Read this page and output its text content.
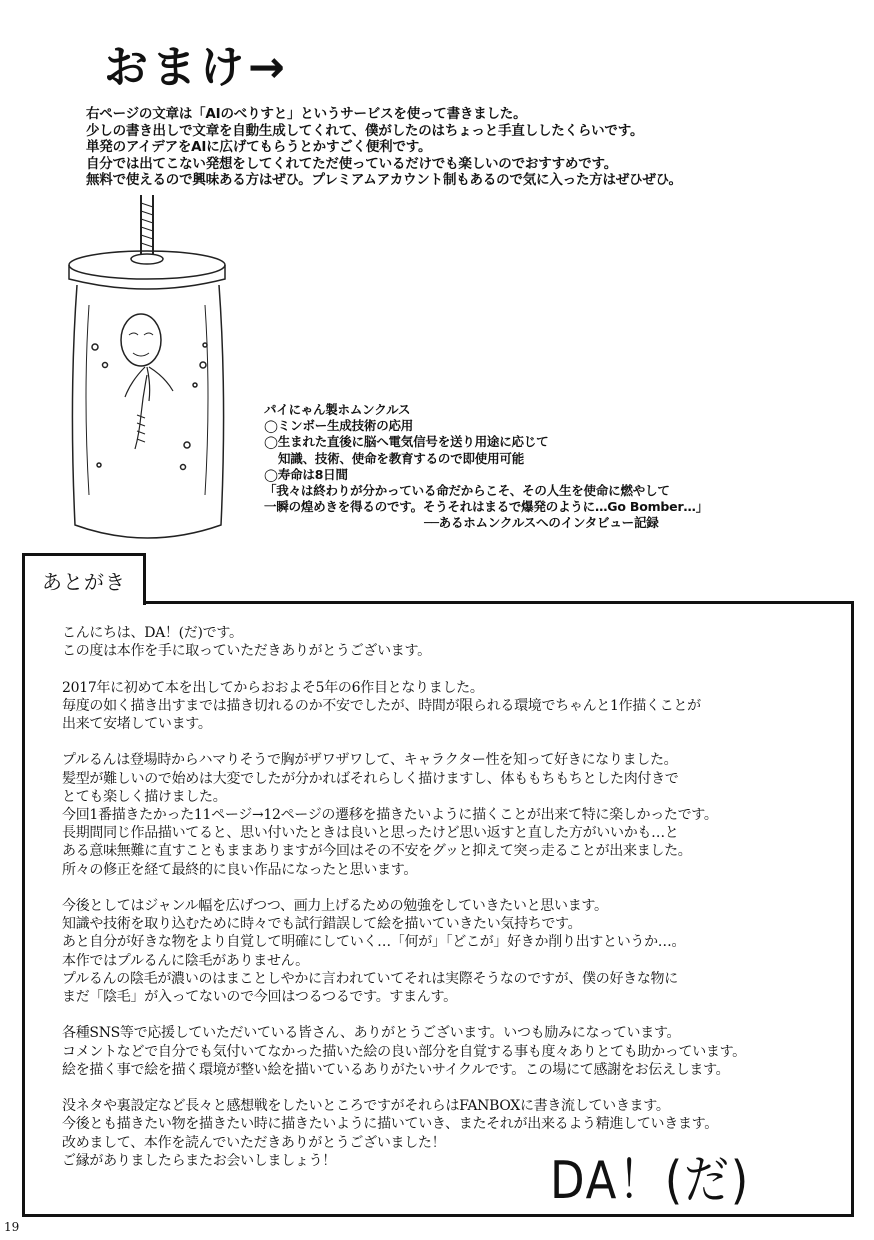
おまけ→
右ページの文章は「AIのべりすと」というサービスを使って書きました。
少しの書き出しで文章を自動生成してくれて、僕がしたのはちょっと手直ししたくらいです。
単発のアイデアをAIに広げてもらうとかすごく便利です。
自分では出てこない発想をしてくれてただ使っているだけでも楽しいのでおすすめです。
無料で使えるので興味ある方はぜひ。プレミアムアカウント制もあるので気に入った方はぜひぜひ。
パイにゃん製ホムンクルス
◯ミンボー生成技術の応用
◯生まれた直後に脳へ電気信号を送り用途に応じて
知識、技術、使命を教育するので即使用可能
◯寿命は8日間
「我々は終わりが分かっている命だからこそ、その人生を使命に燃やして
一瞬の煌めきを得るのです。そうそれはまるで爆発のように…Go Bomber…」
──あるホムンクルスへのインタビュー記録
あとがき
こんにちは、DA！(だ)です。
この度は本作を手に取っていただきありがとうございます。
2017年に初めて本を出してからおおよそ5年の6作目となりました。
毎度の如く描き出すまでは描き切れるのか不安でしたが、時間が限られる環境でちゃんと1作描くことが
出来て安堵しています。
プルるんは登場時からハマりそうで胸がザワザワして、キャラクター性を知って好きになりました。
髪型が難しいので始めは大変でしたが分かればそれらしく描けますし、体ももちもちとした肉付きで
とても楽しく描けました。
今回1番描きたかった11ページ→12ページの遷移を描きたいように描くことが出来て特に楽しかったです。
長期間同じ作品描いてると、思い付いたときは良いと思ったけど思い返すと直した方がいいかも…と
ある意味無難に直すこともままありますが今回はその不安をグッと抑えて突っ走ることが出来ました。
所々の修正を経て最終的に良い作品になったと思います。
今後としてはジャンル幅を広げつつ、画力上げるための勉強をしていきたいと思います。
知識や技術を取り込むために時々でも試行錯誤して絵を描いていきたい気持ちです。
あと自分が好きな物をより自覚して明確にしていく…「何が」「どこが」好きか削り出すというか…。
本作ではプルるんに陰毛がありません。
プルるんの陰毛が濃いのはまことしやかに言われていてそれは実際そうなのですが、僕の好きな物に
まだ「陰毛」が入ってないので今回はつるつるです。すまんす。
各種SNS等で応援していただいている皆さん、ありがとうございます。いつも励みになっています。
コメントなどで自分でも気付いてなかった描いた絵の良い部分を自覚する事も度々ありとても助かっています。
絵を描く事で絵を描く環境が整い絵を描いているありがたいサイクルです。この場にて感謝をお伝えします。
没ネタや裏設定など長々と感想戦をしたいところですがそれらはFANBOXに書き流していきます。
今後とも描きたい物を描きたい時に描きたいように描いていき、またそれが出来るよう精進していきます。
改めまして、本作を読んでいただきありがとうございました！
ご縁がありましたらまたお会いしましょう！	DA！(だ)
19
